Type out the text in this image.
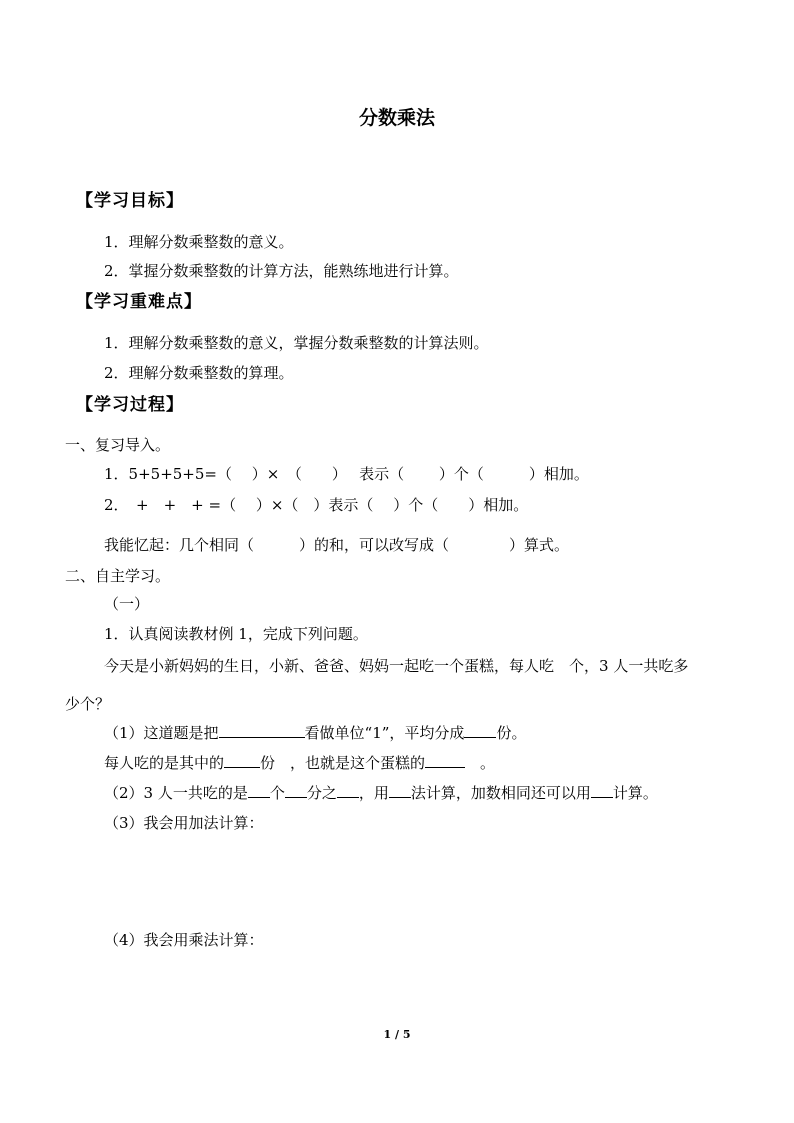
分数乘法
【学习目标】
1．理解分数乘整数的意义。
2．掌握分数乘整数的计算方法，能熟练地进行计算。
【学习重难点】
1．理解分数乘整数的意义，掌握分数乘整数的计算法则。
2．理解分数乘整数的算理。
【学习过程】
一、复习导入。
1．5+5+5+5=（　 ）×　（　　）　 表示（　　 ）个（　　　）相加。
2．　+　+　+ =（　 ）×（　）表示（　 ）个（　　）相加。
我能忆起：几个相同（　　　）的和，可以改写成（　　　　）算式。
二、自主学习。
（一）
1．认真阅读教材例 1，完成下列问题。
今天是小新妈妈的生日，小新、爸爸、妈妈一起吃一个蛋糕，每人吃　个，3 人一共吃多
少个？
（1）这道题是把	看做单位“1”，平均分成 份。
每人吃的是其中的 份　，也就是这个蛋糕的	　。
（2）3 人一共吃的是 个 分之 ，用 法计算，加数相同还可以用 计算。
（3）我会用加法计算：
（4）我会用乘法计算：
1 / 5
